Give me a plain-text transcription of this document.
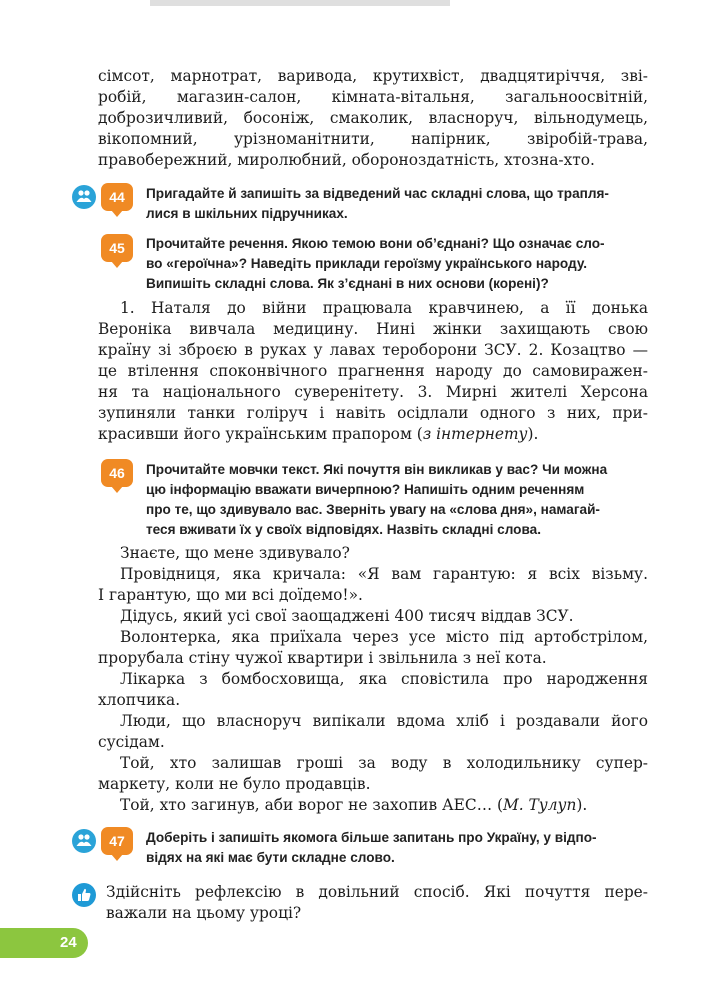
сімсот, марнотрат, варивода, крутихвіст, двадцятиріччя, зві-
робій, магазин-салон, кімната-вітальня, загальноосвітній,
доброзичливий, босоніж, смаколик, власноруч, вільнодумець,
вікопомний, урізноманітнити, напірник, звіробій-трава,
правобережний, миролюбний, обороноздатність, хтозна-хто.
44	Пригадайте й запишіть за відведений час складні слова, що трапля-
лися в шкільних підручниках.
45	Прочитайте речення. Якою темою вони об’єднані? Що означає сло-
во «героїчна»? Наведіть приклади героїзму українського народу.
Випишіть складні слова. Як з’єднані в них основи (корені)?
1. Наталя до війни працювала кравчинею, а її донька
Вероніка вивчала медицину. Нині жінки захищають свою
країну зі зброєю в руках у лавах тероборони ЗСУ. 2. Козацтво —
це втілення споконвічного прагнення народу до самовиражен-
ня та національного суверенітету. 3. Мирні жителі Херсона
зупиняли танки голіруч і навіть осідлали одного з них, при-
красивши його українським прапором (з інтернету).
46	Прочитайте мовчки текст. Які почуття він викликав у вас? Чи можна
цю інформацію вважати вичерпною? Напишіть одним реченням
про те, що здивувало вас. Зверніть увагу на «слова дня», намагай-
теся вживати їх у своїх відповідях. Назвіть складні слова.
Знаєте, що мене здивувало?
Провідниця, яка кричала: «Я вам гарантую: я всіх візьму.
І гарантую, що ми всі доїдемо!».
Дідусь, який усі свої заощаджені 400 тисяч віддав ЗСУ.
Волонтерка, яка приїхала через усе місто під артобстрілом,
прорубала стіну чужої квартири і звільнила з неї кота.
Лікарка з бомбосховища, яка сповістила про народження
хлопчика.
Люди, що власноруч випікали вдома хліб і роздавали його
сусідам.
Той, хто залишав гроші за воду в холодильнику супер-
маркету, коли не було продавців.
Той, хто загинув, аби ворог не захопив АЕС… (М. Тулуп).
47	Доберіть і запишіть якомога більше запитань про Україну, у відпо-
відях на які має бути складне слово.
Здійсніть рефлексію в довільний спосіб. Які почуття пере-
важали на цьому уроці?
24
